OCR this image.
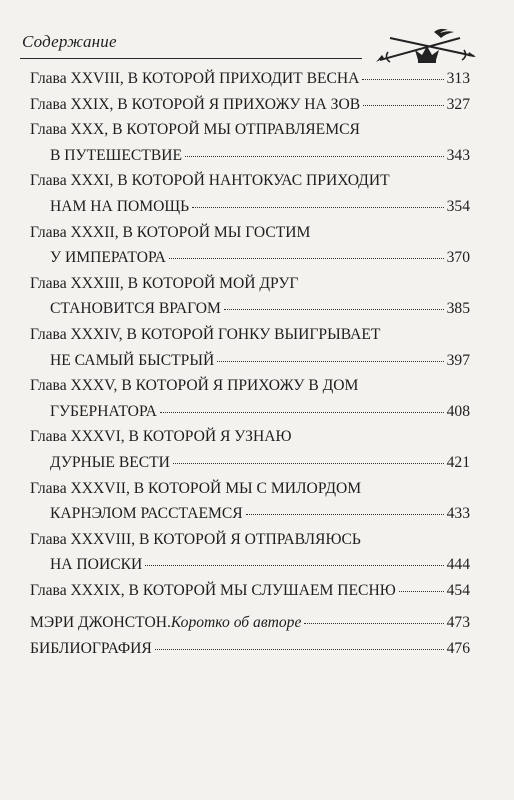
Содержание
Глава XXVIII, В КОТОРОЙ ПРИХОДИТ ВЕСНА	313
Глава XXIX, В КОТОРОЙ Я ПРИХОЖУ НА ЗОВ	327
Глава XXX, В КОТОРОЙ МЫ ОТПРАВЛЯЕМСЯ
В ПУТЕШЕСТВИЕ	343
Глава XXXI, В КОТОРОЙ НАНТОКУАС ПРИХОДИТ
НАМ НА ПОМОЩЬ	354
Глава XXXII, В КОТОРОЙ МЫ ГОСТИМ
У ИМПЕРАТОРА	370
Глава XXXIII, В КОТОРОЙ МОЙ ДРУГ
СТАНОВИТСЯ ВРАГОМ	385
Глава XXXIV, В КОТОРОЙ ГОНКУ ВЫИГРЫВАЕТ
НЕ САМЫЙ БЫСТРЫЙ	397
Глава XXXV, В КОТОРОЙ Я ПРИХОЖУ В ДОМ
ГУБЕРНАТОРА	408
Глава XXXVI, В КОТОРОЙ Я УЗНАЮ
ДУРНЫЕ ВЕСТИ	421
Глава XXXVII, В КОТОРОЙ МЫ С МИЛОРДОМ
КАРНЭЛОМ РАССТАЕМСЯ	433
Глава XXXVIII, В КОТОРОЙ Я ОТПРАВЛЯЮСЬ
НА ПОИСКИ	444
Глава XXXIX, В КОТОРОЙ МЫ СЛУШАЕМ ПЕСНЮ	454
МЭРИ ДЖОНСТОН. Коротко об авторе	473
БИБЛИОГРАФИЯ	476
